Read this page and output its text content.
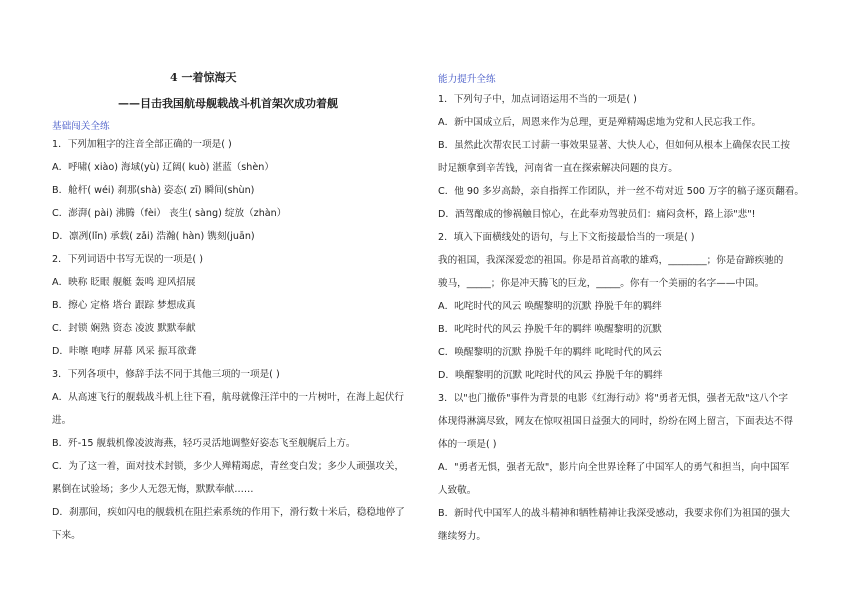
4 一着惊海天
——目击我国航母舰载战斗机首架次成功着舰
基础闯关全练
1．下列加粗字的注音全部正确的一项是( )
A．呼啸( xiào) 海域(yù) 辽阔( kuò) 湛蓝（shèn）
B．舱杆( wéi) 刹那(shà) 姿态( zī) 瞬间(shùn)
C．澎湃( pài) 沸腾（fèi） 丧生( sàng) 绽放（zhàn）
D．凛冽(lǐn) 承载( zǎi) 浩瀚( hàn) 镌刻(juān)
2．下列词语中书写无误的一项是( )
A．映称 眨眼 舰艇 轰鸣 迎风招展
B．擦心 定格 塔台 跟踪 梦想成真
C．封锁 娴熟 资态 凌波 默默奉献
D．咔嚓 咆哮 屏幕 风采 振耳欲聋
3．下列各项中，修辞手法不同于其他三项的一项是( )
A．从高速飞行的舰载战斗机上往下看，航母就像汪洋中的一片树叶，在海上起伏行
进。
B．歼-15 舰载机像凌波海燕，轻巧灵活地调整好姿态飞至舰艉后上方。
C．为了这一着，面对技术封锁，多少人殚精竭虑，青丝变白发；多少人顽强攻关，
累倒在试验场；多少人无怨无悔，默默奉献……
D．刹那间，疾如闪电的舰载机在阻拦索系统的作用下，滑行数十米后，稳稳地停了
下来。
能力提升全练
1．下列句子中，加点词语运用不当的一项是( )
A．新中国成立后，周恩来作为总理，更是殚精竭虑地为党和人民忘我工作。
B．虽然此次帮农民工讨薪一事效果显著、大快人心，但如何从根本上确保农民工按
时足额拿到辛苦钱，河南省一直在探索解决问题的良方。
C．他 90 多岁高龄，亲自指挥工作团队，并一丝不苟对近 500 万字的稿子逐页翻看。
D．酒驾酿成的惨祸触目惊心，在此奉劝驾驶员们：痛闷贪杯，路上添"悲"!
2．填入下面横线处的语句，与上下文衔接最恰当的一项是( )
我的祖国，我深深爱恋的祖国。你是昂首高歌的雄鸡，________；你是奋蹄疾驰的
骏马，_____；你是冲天腾飞的巨龙，_____。你有一个美丽的名字——中国。
A．叱咤时代的风云 唤醒黎明的沉默 挣脱千年的羁绊
B．叱咤时代的风云 挣脱千年的羁绊 唤醒黎明的沉默
C．唤醒黎明的沉默 挣脱千年的羁绊 叱咤时代的风云
D．唤醒黎明的沉默 叱咤时代的风云 挣脱千年的羁绊
3．以"也门撤侨"事件为背景的电影《红海行动》将"勇者无惧，强者无敌"这八个字
体现得淋漓尽致，网友在惊叹祖国日益强大的同时，纷纷在网上留言，下面表达不得
体的一项是( )
A．"勇者无惧，强者无敌"，影片向全世界诠释了中国军人的勇气和担当，向中国军
人致敬。
B．新时代中国军人的战斗精神和牺牲精神让我深受感动，我要求你们为祖国的强大
继续努力。
